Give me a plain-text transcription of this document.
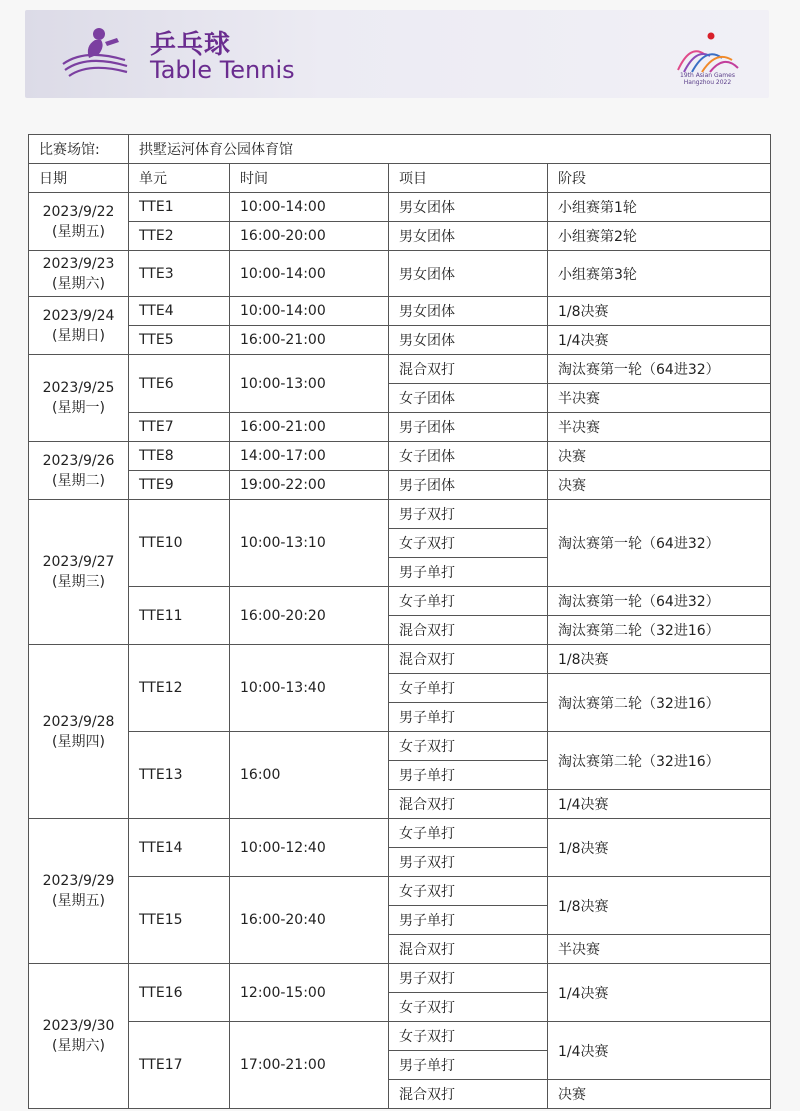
乒乓球
Table Tennis	19th Asian Games
Hangzhou 2022
比赛场馆:	拱墅运河体育公园体育馆			
日期	单元	时间	项目	阶段

2023/9/22
(星期五)	TTE1	10:00-14:00	男女团体	小组赛第1轮
	TTE2	16:00-20:00	男女团体	小组赛第2轮

2023/9/23
(星期六)	TTE3	10:00-14:00	男女团体	小组赛第3轮

2023/9/24
(星期日)	TTE4	10:00-14:00	男女团体	1/8决赛
	TTE5	16:00-21:00	男女团体	1/4决赛

2023/9/25
(星期一)	TTE6	10:00-13:00	混合双打	淘汰赛第一轮（64进32）
			女子团体	半决赛
	TTE7	16:00-21:00	男子团体	半决赛

2023/9/26
(星期二)	TTE8	14:00-17:00	女子团体	决赛
	TTE9	19:00-22:00	男子团体	决赛

2023/9/27
(星期三)	TTE10	10:00-13:10	男子双打	淘汰赛第一轮（64进32）
			女子双打	
			男子单打	
	TTE11	16:00-20:20	女子单打	淘汰赛第一轮（64进32）
			混合双打	淘汰赛第二轮（32进16）

2023/9/28
(星期四)	TTE12	10:00-13:40	混合双打	1/8决赛
			女子单打	淘汰赛第二轮（32进16）
			男子单打	
	TTE13	16:00	女子双打	淘汰赛第二轮（32进16）
			男子单打	
			混合双打	1/4决赛

2023/9/29
(星期五)	TTE14	10:00-12:40	女子单打	1/8决赛
			男子双打	
	TTE15	16:00-20:40	女子双打	1/8决赛
			男子单打	
			混合双打	半决赛

2023/9/30
(星期六)	TTE16	12:00-15:00	男子双打	1/4决赛
			女子双打	
	TTE17	17:00-21:00	女子双打	1/4决赛
			男子单打	
			混合双打	决赛
